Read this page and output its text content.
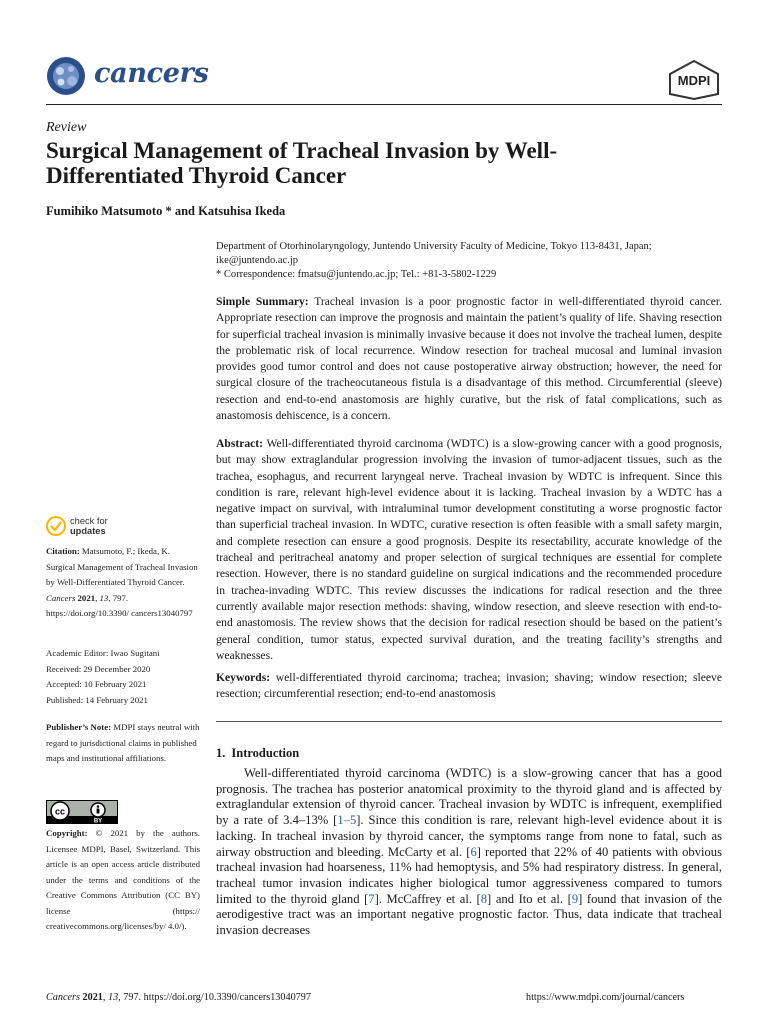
cancers	MDPI
Review
Surgical Management of Tracheal Invasion by Well-Differentiated Thyroid Cancer
Fumihiko Matsumoto * and Katsuhisa Ikeda
Department of Otorhinolaryngology, Juntendo University Faculty of Medicine, Tokyo 113-8431, Japan; ike@juntendo.ac.jp
* Correspondence: fmatsu@juntendo.ac.jp; Tel.: +81-3-5802-1229
Simple Summary: Tracheal invasion is a poor prognostic factor in well-differentiated thyroid cancer. Appropriate resection can improve the prognosis and maintain the patient’s quality of life. Shaving resection for superficial tracheal invasion is minimally invasive because it does not involve the tracheal lumen, despite the problematic risk of local recurrence. Window resection for tracheal mucosal and luminal invasion provides good tumor control and does not cause postoperative airway obstruction; however, the need for surgical closure of the tracheocutaneous fistula is a disadvantage of this method. Circumferential (sleeve) resection and end-to-end anastomosis are highly curative, but the risk of fatal complications, such as anastomosis dehiscence, is a concern.
Abstract: Well-differentiated thyroid carcinoma (WDTC) is a slow-growing cancer with a good prognosis, but may show extraglandular progression involving the invasion of tumor-adjacent tissues, such as the trachea, esophagus, and recurrent laryngeal nerve. Tracheal invasion by WDTC is infrequent. Since this condition is rare, relevant high-level evidence about it is lacking. Tracheal invasion by a WDTC has a negative impact on survival, with intraluminal tumor development constituting a worse prognostic factor than superficial tracheal invasion. In WDTC, curative resection is often feasible with a small safety margin, and complete resection can ensure a good prognosis. Despite its resectability, accurate knowledge of the tracheal and peritracheal anatomy and proper selection of surgical techniques are essential for complete resection. However, there is no standard guideline on surgical indications and the recommended procedure in trachea-invading WDTC. This review discusses the indications for radical resection and the three currently available major resection methods: shaving, window resection, and sleeve resection with end-to-end anastomosis. The review shows that the decision for radical resection should be based on the patient’s general condition, tumor status, expected survival duration, and the treating facility’s strengths and weaknesses.
Keywords: well-differentiated thyroid carcinoma; trachea; invasion; shaving; window resection; sleeve resection; circumferential resection; end-to-end anastomosis
1. Introduction
Well-differentiated thyroid carcinoma (WDTC) is a slow-growing cancer that has a good prognosis. The trachea has posterior anatomical proximity to the thyroid gland and is affected by extraglandular extension of thyroid cancer. Tracheal invasion by WDTC is infrequent, exemplified by a rate of 3.4–13% [1–5]. Since this condition is rare, relevant high-level evidence about it is lacking. In tracheal invasion by thyroid cancer, the symptoms range from none to fatal, such as airway obstruction and bleeding. McCarty et al. [6] reported that 22% of 40 patients with obvious tracheal invasion had hoarseness, 11% had hemoptysis, and 5% had respiratory distress. In general, tracheal tumor invasion indicates higher biological tumor aggressiveness compared to tumors limited to the thyroid gland [7]. McCaffrey et al. [8] and Ito et al. [9] found that invasion of the aerodigestive tract was an important negative prognostic factor. Thus, data indicate that tracheal invasion decreases
check for
updates
Citation: Matsumoto, F.; Ikeda, K. Surgical Management of Tracheal Invasion by Well-Differentiated Thyroid Cancer. Cancers 2021, 13, 797. https://doi.org/10.3390/ cancers13040797
Academic Editor: Iwao Sugitani
Received: 29 December 2020
Accepted: 10 February 2021
Published: 14 February 2021
Publisher’s Note: MDPI stays neutral with regard to jurisdictional claims in published maps and institutional affiliations.
cc
BY
Copyright: © 2021 by the authors. Licensee MDPI, Basel, Switzerland. This article is an open access article distributed under the terms and conditions of the Creative Commons Attribution (CC BY) license (https:// creativecommons.org/licenses/by/ 4.0/).
Cancers 2021, 13, 797. https://doi.org/10.3390/cancers13040797	https://www.mdpi.com/journal/cancers
